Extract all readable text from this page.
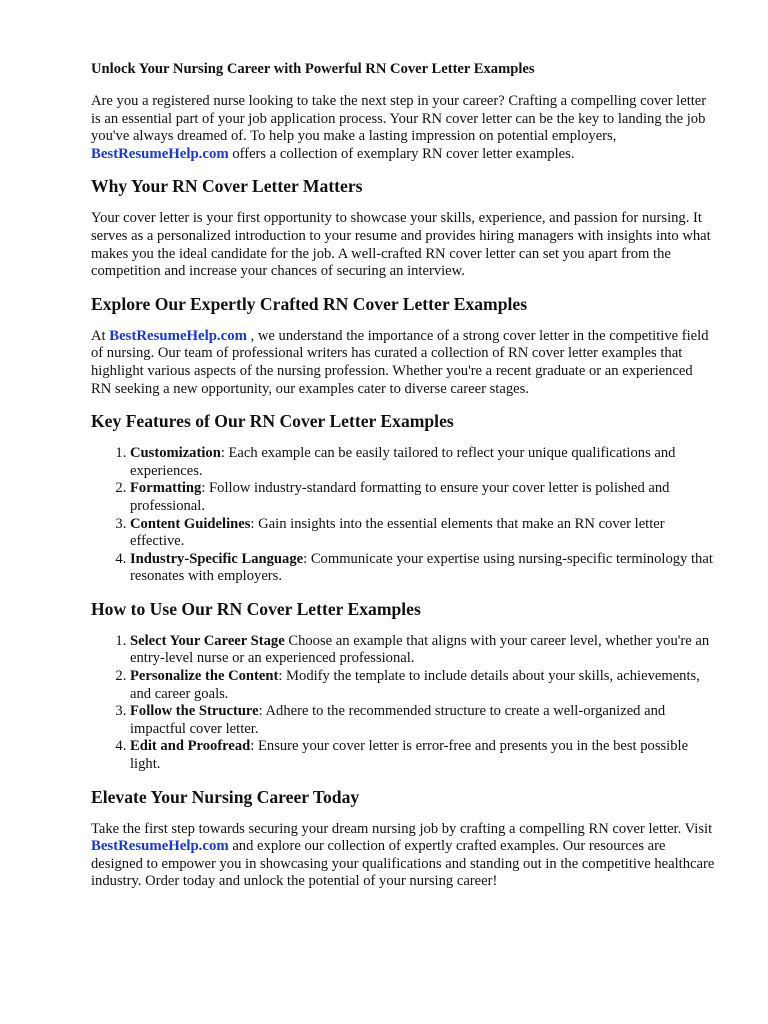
Unlock Your Nursing Career with Powerful RN Cover Letter Examples

Are you a registered nurse looking to take the next step in your career? Crafting a compelling cover letter is an essential part of your job application process. Your RN cover letter can be the key to landing the job you've always dreamed of. To help you make a lasting impression on potential employers, BestResumeHelp.com offers a collection of exemplary RN cover letter examples.

Why Your RN Cover Letter Matters

Your cover letter is your first opportunity to showcase your skills, experience, and passion for nursing. It serves as a personalized introduction to your resume and provides hiring managers with insights into what makes you the ideal candidate for the job. A well-crafted RN cover letter can set you apart from the competition and increase your chances of securing an interview.

Explore Our Expertly Crafted RN Cover Letter Examples

At BestResumeHelp.com , we understand the importance of a strong cover letter in the competitive field of nursing. Our team of professional writers has curated a collection of RN cover letter examples that highlight various aspects of the nursing profession. Whether you're a recent graduate or an experienced RN seeking a new opportunity, our examples cater to diverse career stages.

Key Features of Our RN Cover Letter Examples
1. Customization: Each example can be easily tailored to reflect your unique qualifications and experiences.
2. Formatting: Follow industry-standard formatting to ensure your cover letter is polished and professional.
3. Content Guidelines: Gain insights into the essential elements that make an RN cover letter effective.
4. Industry-Specific Language: Communicate your expertise using nursing-specific terminology that resonates with employers.
How to Use Our RN Cover Letter Examples
1. Select Your Career Stage Choose an example that aligns with your career level, whether you're an entry-level nurse or an experienced professional.
2. Personalize the Content: Modify the template to include details about your skills, achievements, and career goals.
3. Follow the Structure: Adhere to the recommended structure to create a well-organized and impactful cover letter.
4. Edit and Proofread: Ensure your cover letter is error-free and presents you in the best possible light.
Elevate Your Nursing Career Today

Take the first step towards securing your dream nursing job by crafting a compelling RN cover letter. Visit BestResumeHelp.com and explore our collection of expertly crafted examples. Our resources are designed to empower you in showcasing your qualifications and standing out in the competitive healthcare industry. Order today and unlock the potential of your nursing career!
